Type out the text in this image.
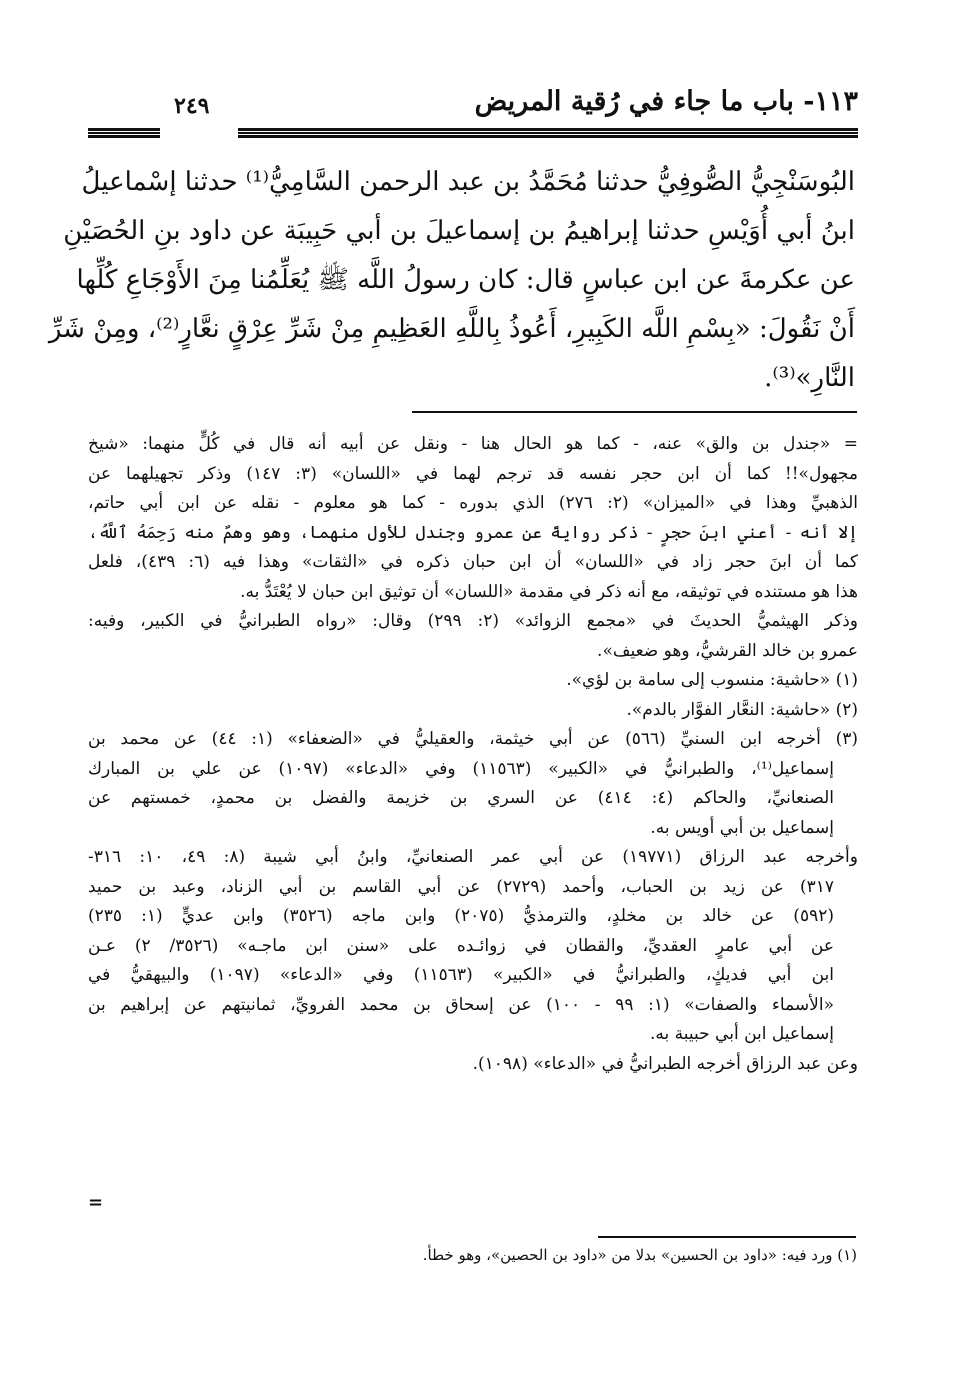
٢٤٩	١١٣- باب ما جاء في رُقية المريض
البُوسَنْجِيُّ الصُّوفِيُّ حدثنا مُحَمَّدُ بن عبد الرحمن السَّامِيُّ⁽¹⁾ حدثنا إسْماعيلُ
ابنُ أبي أُوَيْسِ حدثنا إبراهيمُ بن إسماعيلَ بن أبي حَبِيبَة عن داود بنِ الحُصَيْنِ
عن عكرمةَ عن ابن عباسٍ قال: كان رسولُ اللَّه ﷺ يُعَلِّمُنا مِنَ الأَوْجَاعِ كُلِّها
أَنْ نَقُولَ: «بِسْمِ اللَّه الكَبِيرِ، أَعُوذُ بِاللَّهِ العَظِيمِ مِنْ شَرِّ عِرْقٍ نعَّارٍ⁽²⁾، ومِنْ شَرِّ
النَّارِ»⁽³⁾.
= «جندل بن والق» عنه، - كما هو الحال هنا - ونقل عن أبيه أنه قال في كُلٍّ منهما: «شيخ
مجهول»!! كما أن ابن حجر نفسه قد ترجم لهما في «اللسان» (٣: ١٤٧) وذكر تجهيلهما عن
الذهبيِّ وهذا في «الميزان» (٢: ٢٧٦) الذي بدوره - كما هو معلوم - نقله عن ابن أبي حاتم،
إلا أنه - أعني ابنَ حجرٍ - ذكر روايةً عن عمرو وجندل للأول منهما، وهو وهمٌ منه رَحِمَهُ ٱللَّهُ،
كما أن ابنَ حجر زاد في «اللسان» أن ابن حبان ذكره في «الثقات» وهذا فيه (٦: ٤٣٩)، فلعل
هذا هو مستنده في توثيقه، مع أنه ذكر في مقدمة «اللسان» أن توثيق ابن حبان لا يُعْتَدُّ به.
وذكر الهيثميُّ الحديثَ في «مجمع الزوائد» (٢: ٢٩٩) وقال: «رواه الطبرانيُّ في الكبير، وفيه:
عمرو بن خالد القرشيُّ، وهو ضعيف».
(١) «حاشية: منسوب إلى سامة بن لؤي».
(٢) «حاشية: النعَّار الفوَّار بالدم».
(٣) أخرجه ابن السنيِّ (٥٦٦) عن أبي خيثمة، والعقيليُّ في «الضعفاء» (١: ٤٤) عن محمد بن
إسماعيل⁽¹⁾، والطبرانيُّ في «الكبير» (١١٥٦٣) وفي «الدعاء» (١٠٩٧) عن علي بن المبارك
الصنعانيِّ، والحاكم (٤: ٤١٤) عن السري بن خزيمة والفضل بن محمدٍ، خمستهم عن
إسماعيل بن أبي أويس به.
وأخرجه عبد الرزاق (١٩٧٧١) عن أبي عمر الصنعانيِّ، وابنُ أبي شيبة (٨: ٤٩، ١٠: ٣١٦-
٣١٧) عن زيد بن الحباب، وأحمد (٢٧٢٩) عن أبي القاسم بن أبي الزناد، وعبد بن حميد
(٥٩٢) عن خالد بن مخلدٍ، والترمذيُّ (٢٠٧٥) وابن ماجه (٣٥٢٦) وابن عديٍّ (١: ٢٣٥)
عن أبي عامرٍ العقديِّ، والقطان في زوائـده على «سنن ابن ماجـه» (٣٥٢٦/ ٢) عـن
ابن أبي فديكٍ، والطبرانيُّ في «الكبير» (١١٥٦٣) وفي «الدعاء» (١٠٩٧) والبيهقيُّ في
«الأسماء والصفات» (١: ٩٩ - ١٠٠) عن إسحاق بن محمد الفرويِّ، ثمانيتهم عن إبراهيم بن
إسماعيل ابن أبي حبيبة به.
وعن عبد الرزاق أخرجه الطبرانيُّ في «الدعاء» (١٠٩٨).
=
(١) ورد فيه: «داود بن الحسين» بدلا من «داود بن الحصين»، وهو خطأ.
